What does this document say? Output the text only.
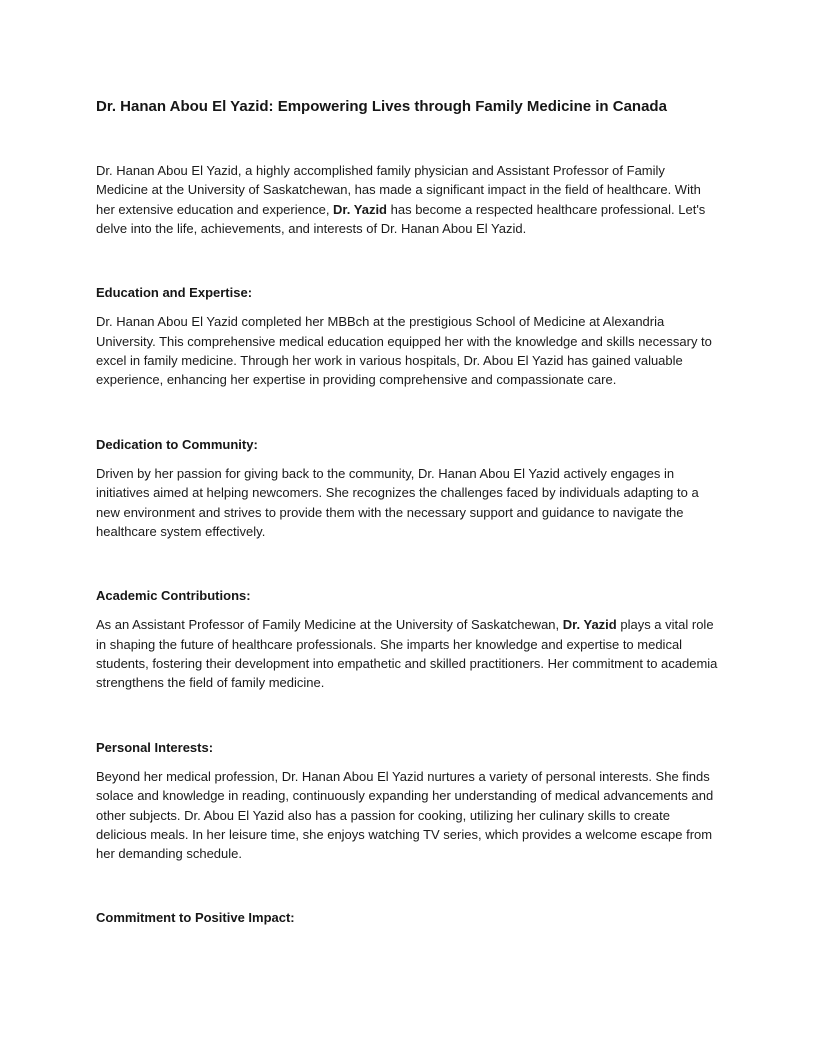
Dr. Hanan Abou El Yazid: Empowering Lives through Family Medicine in Canada

Dr. Hanan Abou El Yazid, a highly accomplished family physician and Assistant Professor of Family Medicine at the University of Saskatchewan, has made a significant impact in the field of healthcare. With her extensive education and experience, Dr. Yazid has become a respected healthcare professional. Let's delve into the life, achievements, and interests of Dr. Hanan Abou El Yazid.

Education and Expertise:

Dr. Hanan Abou El Yazid completed her MBBch at the prestigious School of Medicine at Alexandria University. This comprehensive medical education equipped her with the knowledge and skills necessary to excel in family medicine. Through her work in various hospitals, Dr. Abou El Yazid has gained valuable experience, enhancing her expertise in providing comprehensive and compassionate care.

Dedication to Community:

Driven by her passion for giving back to the community, Dr. Hanan Abou El Yazid actively engages in initiatives aimed at helping newcomers. She recognizes the challenges faced by individuals adapting to a new environment and strives to provide them with the necessary support and guidance to navigate the healthcare system effectively.

Academic Contributions:

As an Assistant Professor of Family Medicine at the University of Saskatchewan, Dr. Yazid plays a vital role in shaping the future of healthcare professionals. She imparts her knowledge and expertise to medical students, fostering their development into empathetic and skilled practitioners. Her commitment to academia strengthens the field of family medicine.

Personal Interests:

Beyond her medical profession, Dr. Hanan Abou El Yazid nurtures a variety of personal interests. She finds solace and knowledge in reading, continuously expanding her understanding of medical advancements and other subjects. Dr. Abou El Yazid also has a passion for cooking, utilizing her culinary skills to create delicious meals. In her leisure time, she enjoys watching TV series, which provides a welcome escape from her demanding schedule.

Commitment to Positive Impact:
